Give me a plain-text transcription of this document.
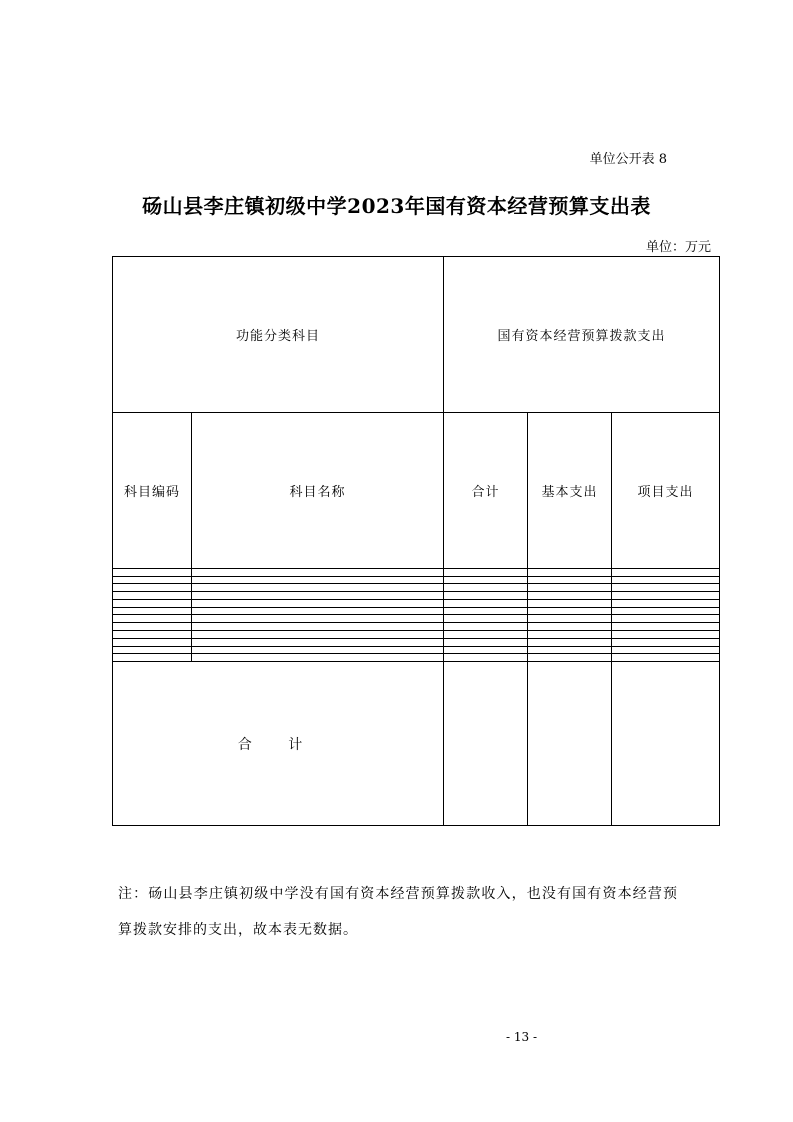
单位公开表 8
砀山县李庄镇初级中学2023年国有资本经营预算支出表
单位：万元
功能分类科目		国有资本经营预算拨款支出		
科目编码	科目名称	合计	基本支出	项目支出

合 计				
注：砀山县李庄镇初级中学没有国有资本经营预算拨款收入，也没有国有资本经营预算拨款安排的支出，故本表无数据。
- 13 -
